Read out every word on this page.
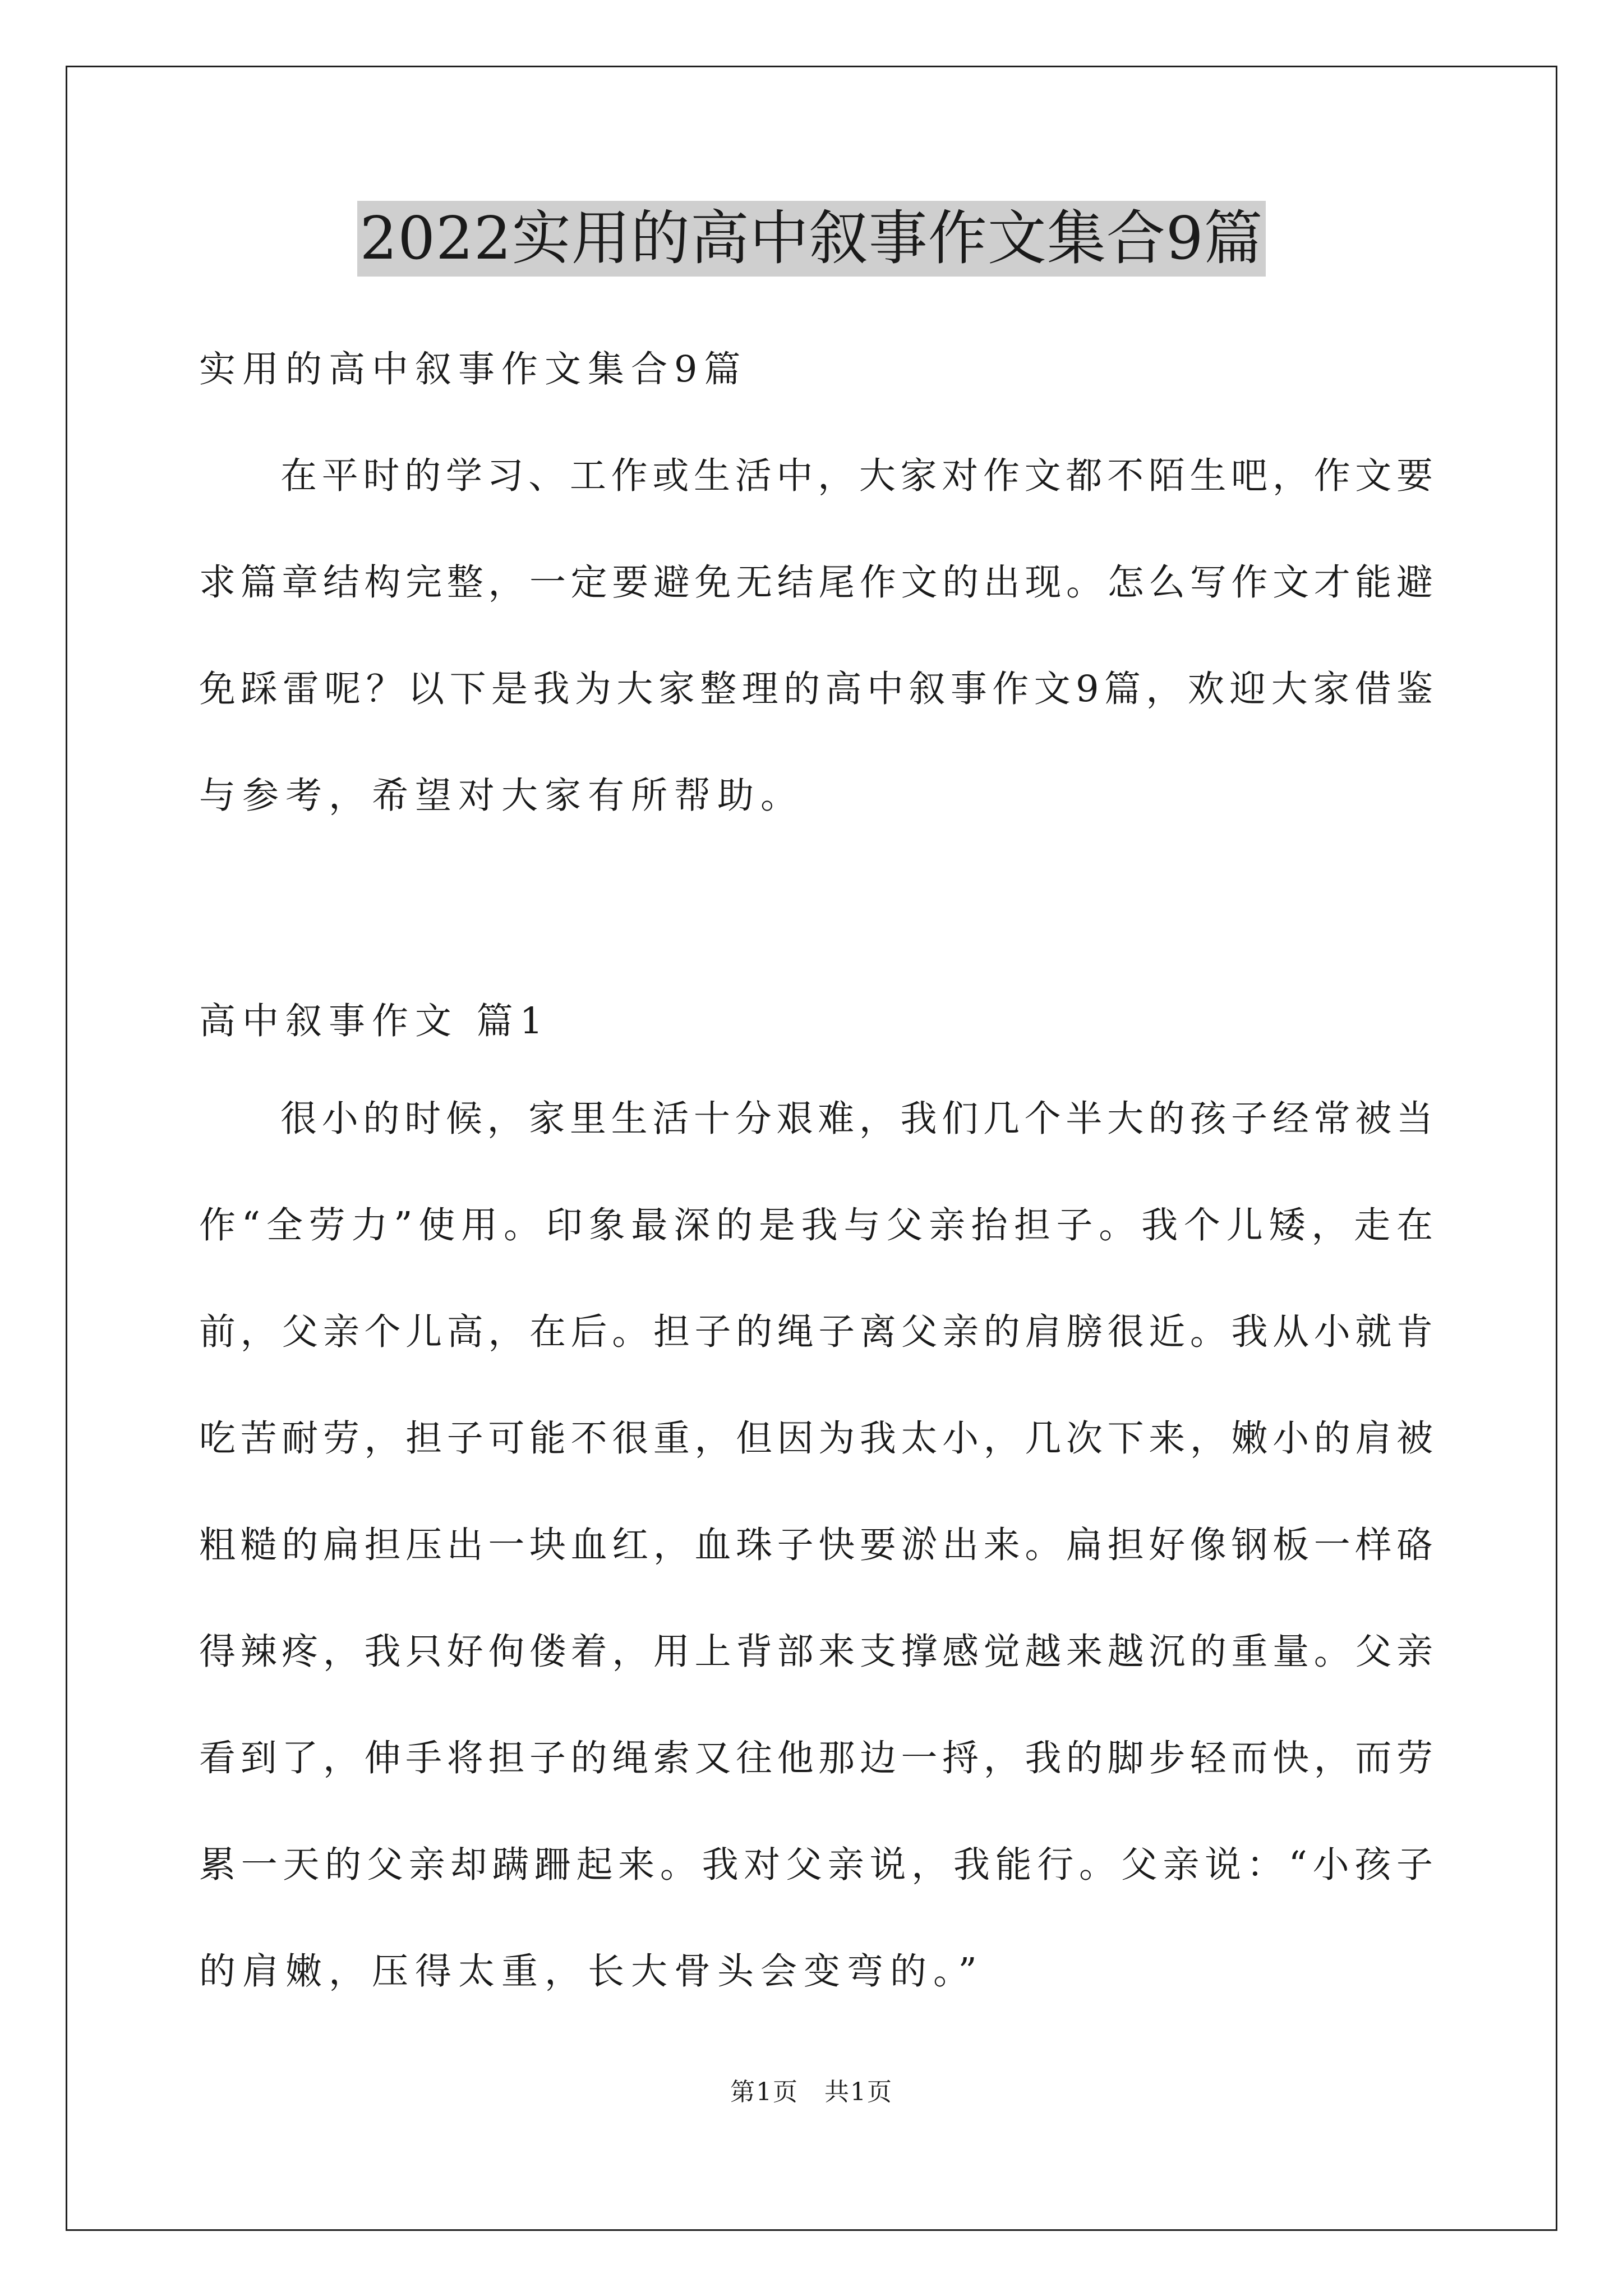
2022实用的高中叙事作文集合9篇
实用的高中叙事作文集合9篇
在平时的学习、工作或生活中，大家对作文都不陌生吧，作文要
求篇章结构完整，一定要避免无结尾作文的出现。怎么写作文才能避
免踩雷呢？以下是我为大家整理的高中叙事作文9篇，欢迎大家借鉴
与参考，希望对大家有所帮助。
高中叙事作文 篇1
很小的时候，家里生活十分艰难，我们几个半大的孩子经常被当
作“全劳力”使用。印象最深的是我与父亲抬担子。我个儿矮，走在
前，父亲个儿高，在后。担子的绳子离父亲的肩膀很近。我从小就肯
吃苦耐劳，担子可能不很重，但因为我太小，几次下来，嫩小的肩被
粗糙的扁担压出一块血红，血珠子快要淤出来。扁担好像钢板一样硌
得辣疼，我只好佝偻着，用上背部来支撑感觉越来越沉的重量。父亲
看到了，伸手将担子的绳索又往他那边一捋，我的脚步轻而快，而劳
累一天的父亲却蹒跚起来。我对父亲说，我能行。父亲说：“小孩子
的肩嫩，压得太重，长大骨头会变弯的。”
第1页　共1页
